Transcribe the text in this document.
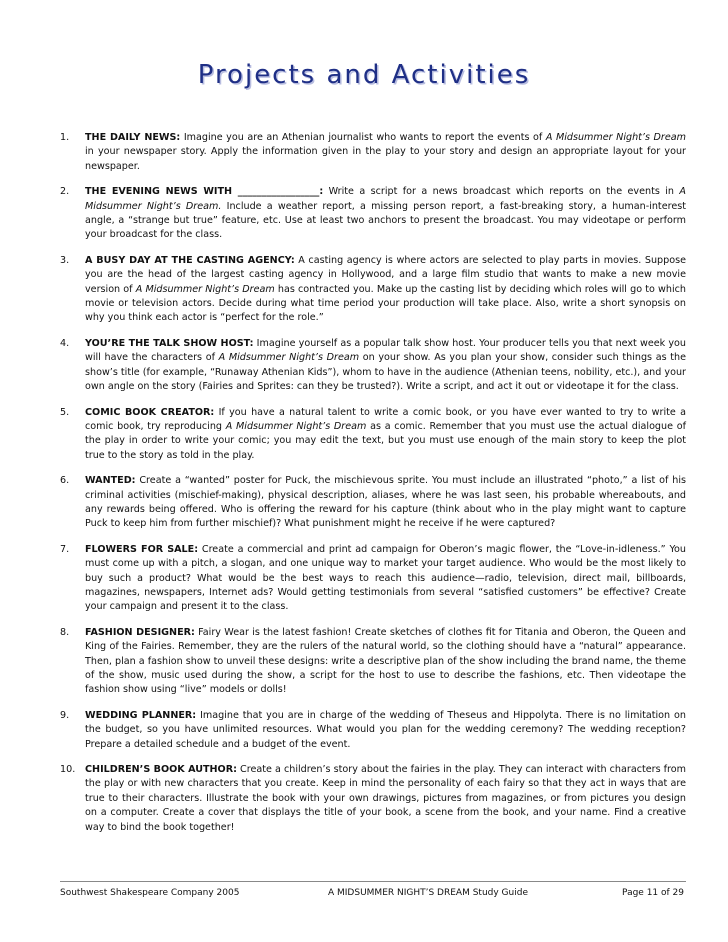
Projects and Activities
1. THE DAILY NEWS: Imagine you are an Athenian journalist who wants to report the events of A Midsummer Night’s Dream in your newspaper story. Apply the information given in the play to your story and design an appropriate layout for your newspaper.
2. THE EVENING NEWS WITH _________________: Write a script for a news broadcast which reports on the events in A Midsummer Night’s Dream. Include a weather report, a missing person report, a fast-breaking story, a human-interest angle, a “strange but true” feature, etc. Use at least two anchors to present the broadcast. You may videotape or perform your broadcast for the class.
3. A BUSY DAY AT THE CASTING AGENCY: A casting agency is where actors are selected to play parts in movies. Suppose you are the head of the largest casting agency in Hollywood, and a large film studio that wants to make a new movie version of A Midsummer Night’s Dream has contracted you. Make up the casting list by deciding which roles will go to which movie or television actors. Decide during what time period your production will take place. Also, write a short synopsis on why you think each actor is “perfect for the role.”
4. YOU’RE THE TALK SHOW HOST: Imagine yourself as a popular talk show host. Your producer tells you that next week you will have the characters of A Midsummer Night’s Dream on your show. As you plan your show, consider such things as the show’s title (for example, “Runaway Athenian Kids”), whom to have in the audience (Athenian teens, nobility, etc.), and your own angle on the story (Fairies and Sprites: can they be trusted?). Write a script, and act it out or videotape it for the class.
5. COMIC BOOK CREATOR: If you have a natural talent to write a comic book, or you have ever wanted to try to write a comic book, try reproducing A Midsummer Night’s Dream as a comic. Remember that you must use the actual dialogue of the play in order to write your comic; you may edit the text, but you must use enough of the main story to keep the plot true to the story as told in the play.
6. WANTED: Create a “wanted” poster for Puck, the mischievous sprite. You must include an illustrated “photo,” a list of his criminal activities (mischief-making), physical description, aliases, where he was last seen, his probable whereabouts, and any rewards being offered. Who is offering the reward for his capture (think about who in the play might want to capture Puck to keep him from further mischief)? What punishment might he receive if he were captured?
7. FLOWERS FOR SALE: Create a commercial and print ad campaign for Oberon’s magic flower, the “Love-in-idleness.” You must come up with a pitch, a slogan, and one unique way to market your target audience. Who would be the most likely to buy such a product? What would be the best ways to reach this audience—radio, television, direct mail, billboards, magazines, newspapers, Internet ads? Would getting testimonials from several “satisfied customers” be effective? Create your campaign and present it to the class.
8. FASHION DESIGNER: Fairy Wear is the latest fashion! Create sketches of clothes fit for Titania and Oberon, the Queen and King of the Fairies. Remember, they are the rulers of the natural world, so the clothing should have a “natural” appearance. Then, plan a fashion show to unveil these designs: write a descriptive plan of the show including the brand name, the theme of the show, music used during the show, a script for the host to use to describe the fashions, etc. Then videotape the fashion show using “live” models or dolls!
9. WEDDING PLANNER: Imagine that you are in charge of the wedding of Theseus and Hippolyta. There is no limitation on the budget, so you have unlimited resources. What would you plan for the wedding ceremony? The wedding reception? Prepare a detailed schedule and a budget of the event.
10. CHILDREN’S BOOK AUTHOR: Create a children’s story about the fairies in the play. They can interact with characters from the play or with new characters that you create. Keep in mind the personality of each fairy so that they act in ways that are true to their characters. Illustrate the book with your own drawings, pictures from magazines, or from pictures you design on a computer. Create a cover that displays the title of your book, a scene from the book, and your name. Find a creative way to bind the book together!
Southwest Shakespeare Company 2005	A MIDSUMMER NIGHT’S DREAM Study Guide	Page 11 of 29
